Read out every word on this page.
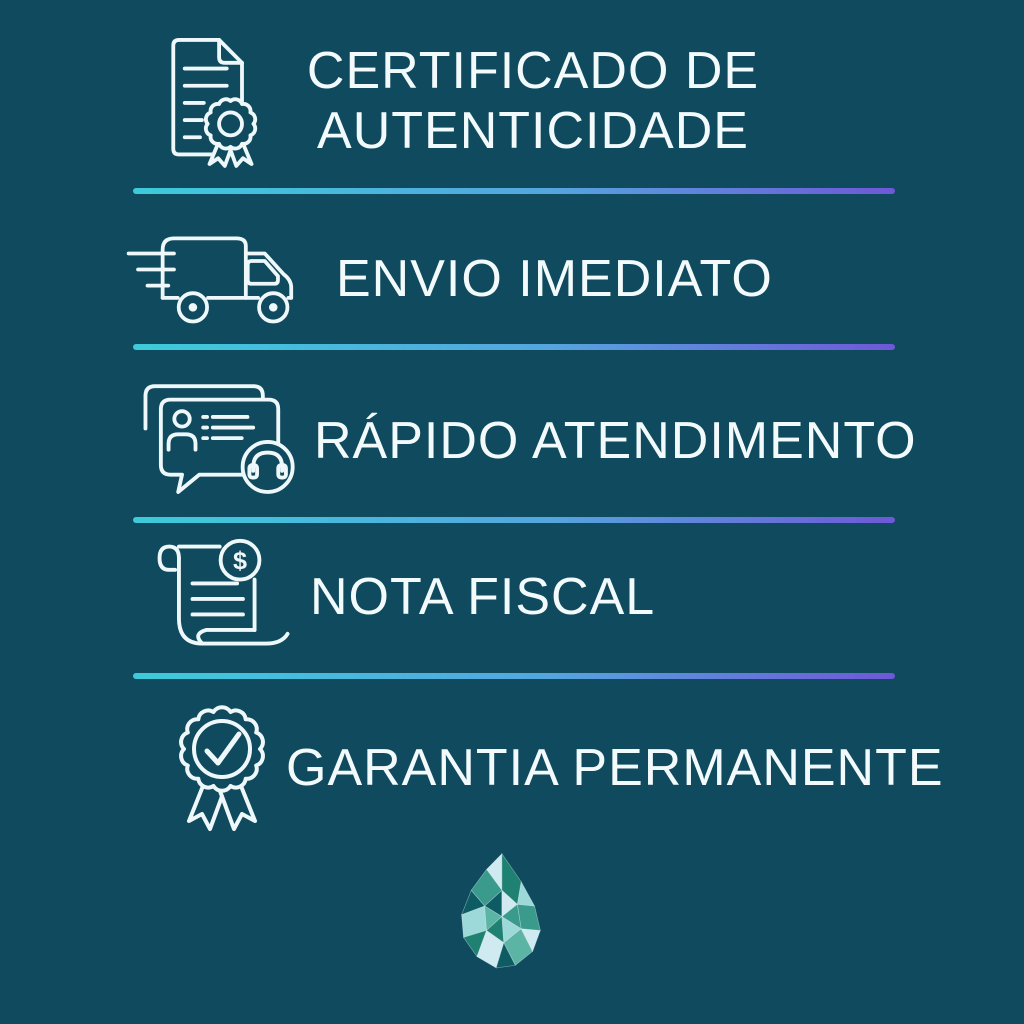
CERTIFICADO DE
AUTENTICIDADE
ENVIO IMEDIATO
RÁPIDO ATENDIMENTO
$
NOTA FISCAL
GARANTIA PERMANENTE
